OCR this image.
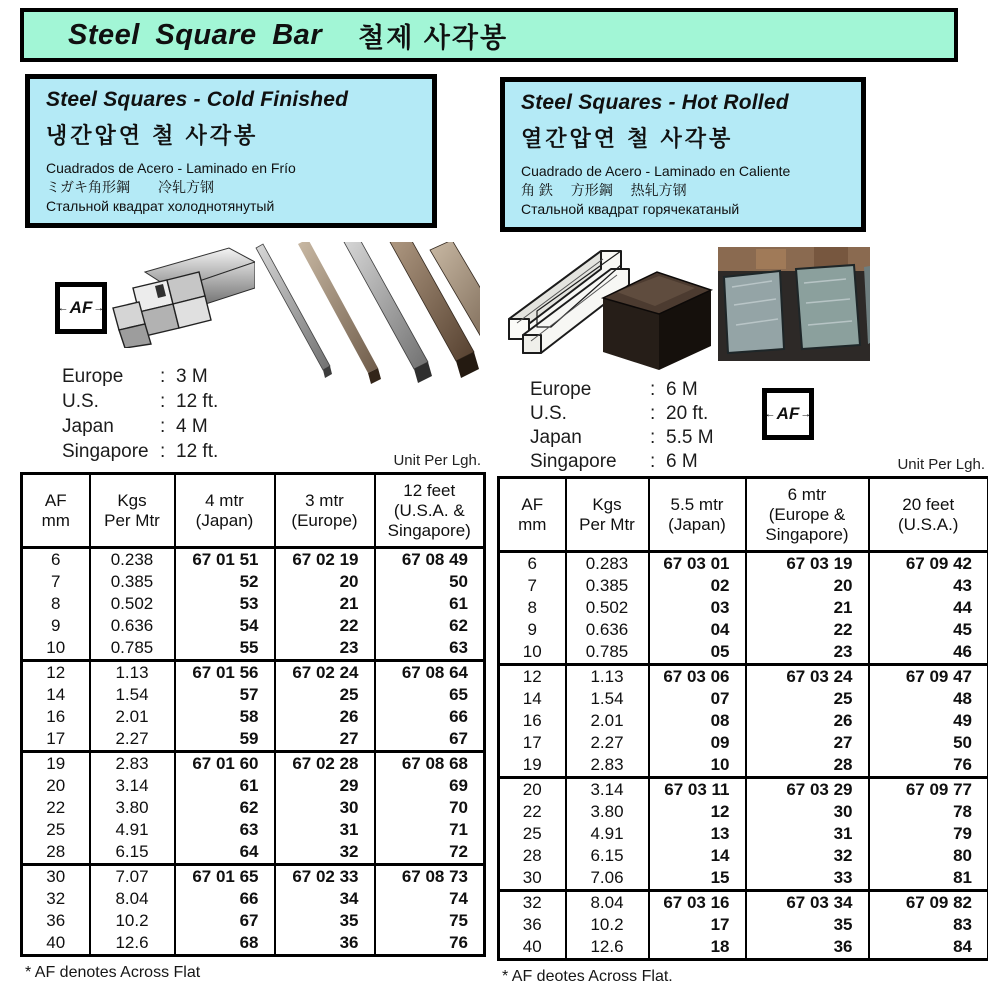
Steel Square Bar 철제 사각봉
Steel Squares - Cold Finished
냉간압연 철 사각봉
Cuadrados de Acero - Laminado en Frío
ミガキ角形鋼　　冷轧方钢
Стальной квадрат холоднотянутый
Steel Squares - Hot Rolled
열간압연 철 사각봉
Cuadrado de Acero - Laminado en Caliente
角 鉄　 方形鋼　 热轧方钢
Стальной квадрат горячекатаный
← AF
→
← AF
→
Europe	: 3 M
U.S.	: 12 ft.
Japan	: 4 M
Singapore : 12 ft.
Europe	: 6 M
U.S.	: 20 ft.
Japan	: 5.5 M
Singapore	: 6 M
Unit Per Lgh.
AF
mm

Kgs
Per Mtr

4 mtr
(Japan)

3 mtr
(Europe)

12 feet
(U.S.A. &
Singapore)

6	0.238	67 01 51	67 02 19	67 08 49
7	0.385	52	20	50
8	0.502	53	21	61
9	0.636	54	22	62
10	0.785	55	23	63
12	1.13	67 01 56	67 02 24	67 08 64
14	1.54	57	25	65
16	2.01	58	26	66
17	2.27	59	27	67
19	2.83	67 01 60	67 02 28	67 08 68
20	3.14	61	29	69
22	3.80	62	30	70
25	4.91	63	31	71
28	6.15	64	32	72
30	7.07	67 01 65	67 02 33	67 08 73
32	8.04	66	34	74
36	10.2	67	35	75
40	12.6	68	36	76
* AF denotes Across Flat
Unit Per Lgh.
AF
mm

Kgs
Per Mtr

5.5 mtr
(Japan)

6 mtr
(Europe &
Singapore)

20 feet
(U.S.A.)

6	0.283	67 03 01	67 03 19	67 09 42
7	0.385	02	20	43
8	0.502	03	21	44
9	0.636	04	22	45
10	0.785	05	23	46
12	1.13	67 03 06	67 03 24	67 09 47
14	1.54	07	25	48
16	2.01	08	26	49
17	2.27	09	27	50
19	2.83	10	28	76
20	3.14	67 03 11	67 03 29	67 09 77
22	3.80	12	30	78
25	4.91	13	31	79
28	6.15	14	32	80
30	7.06	15	33	81
32	8.04	67 03 16	67 03 34	67 09 82
36	10.2	17	35	83
40	12.6	18	36	84
* AF deotes Across Flat.
